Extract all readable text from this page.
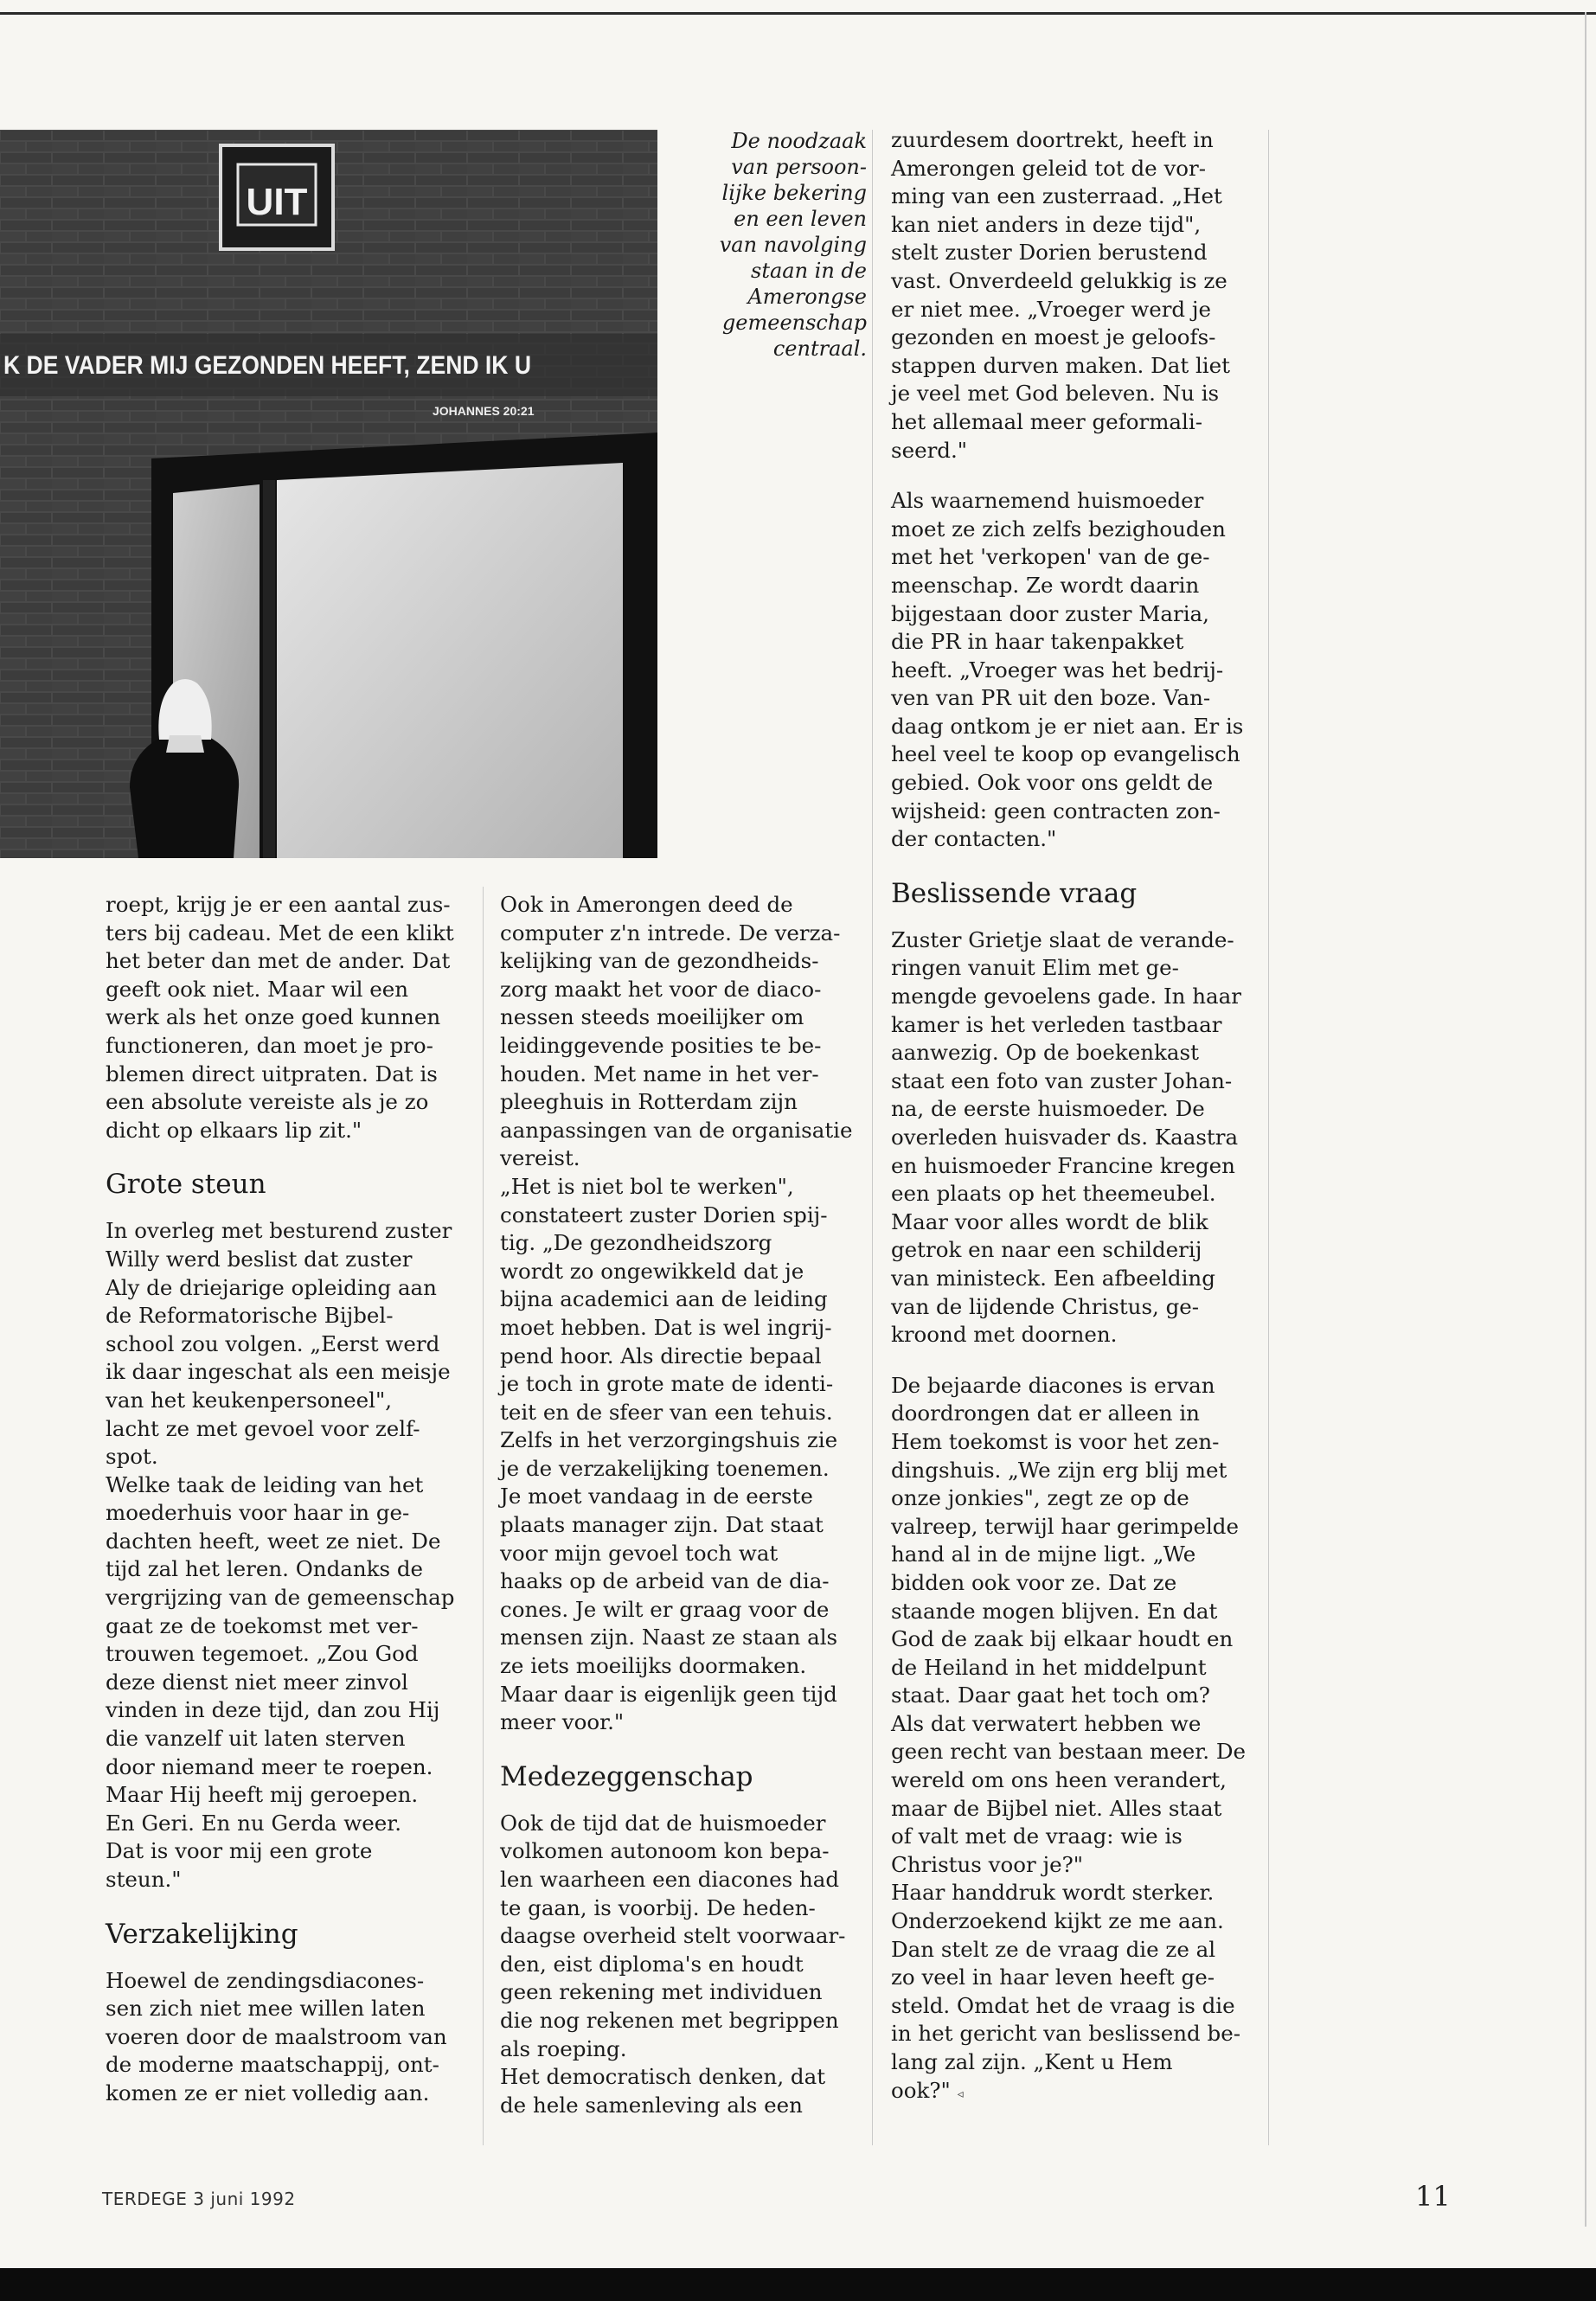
UIT
K DE VADER MIJ GEZONDEN HEEFT, ZEND IK U
JOHANNES 20:21
De noodzaak
van persoon-
lijke bekering
en een leven
van navolging
staan in de
Amerongse
gemeenschap
centraal.

roept, krijg je er een aantal zus-
ters bij cadeau. Met de een klikt
het beter dan met de ander. Dat
geeft ook niet. Maar wil een
werk als het onze goed kunnen
functioneren, dan moet je pro-
blemen direct uitpraten. Dat is
een absolute vereiste als je zo
dicht op elkaars lip zit."

Grote steun

In overleg met besturend zuster
Willy werd beslist dat zuster
Aly de driejarige opleiding aan
de Reformatorische Bijbel-
school zou volgen. „Eerst werd
ik daar ingeschat als een meisje
van het keukenpersoneel",
lacht ze met gevoel voor zelf-
spot.

Welke taak de leiding van het
moederhuis voor haar in ge-
dachten heeft, weet ze niet. De
tijd zal het leren. Ondanks de
vergrijzing van de gemeenschap
gaat ze de toekomst met ver-
trouwen tegemoet. „Zou God
deze dienst niet meer zinvol
vinden in deze tijd, dan zou Hij
die vanzelf uit laten sterven
door niemand meer te roepen.
Maar Hij heeft mij geroepen.
En Geri. En nu Gerda weer.
Dat is voor mij een grote
steun."

Verzakelijking

Hoewel de zendingsdiacones-
sen zich niet mee willen laten
voeren door de maalstroom van
de moderne maatschappij, ont-
komen ze er niet volledig aan.

Ook in Amerongen deed de
computer z'n intrede. De verza-
kelijking van de gezondheids-
zorg maakt het voor de diaco-
nessen steeds moeilijker om
leidinggevende posities te be-
houden. Met name in het ver-
pleeghuis in Rotterdam zijn
aanpassingen van de organisatie
vereist.

„Het is niet bol te werken",
constateert zuster Dorien spij-
tig. „De gezondheidszorg
wordt zo ongewikkeld dat je
bijna academici aan de leiding
moet hebben. Dat is wel ingrij-
pend hoor. Als directie bepaal
je toch in grote mate de identi-
teit en de sfeer van een tehuis.
Zelfs in het verzorgingshuis zie
je de verzakelijking toenemen.
Je moet vandaag in de eerste
plaats manager zijn. Dat staat
voor mijn gevoel toch wat
haaks op de arbeid van de dia-
cones. Je wilt er graag voor de
mensen zijn. Naast ze staan als
ze iets moeilijks doormaken.
Maar daar is eigenlijk geen tijd
meer voor."

Medezeggenschap

Ook de tijd dat de huismoeder
volkomen autonoom kon bepa-
len waarheen een diacones had
te gaan, is voorbij. De heden-
daagse overheid stelt voorwaar-
den, eist diploma's en houdt
geen rekening met individuen
die nog rekenen met begrippen
als roeping.

Het democratisch denken, dat
de hele samenleving als een

zuurdesem doortrekt, heeft in
Amerongen geleid tot de vor-
ming van een zusterraad. „Het
kan niet anders in deze tijd",
stelt zuster Dorien berustend
vast. Onverdeeld gelukkig is ze
er niet mee. „Vroeger werd je
gezonden en moest je geloofs-
stappen durven maken. Dat liet
je veel met God beleven. Nu is
het allemaal meer geformali-
seerd."

Als waarnemend huismoeder
moet ze zich zelfs bezighouden
met het 'verkopen' van de ge-
meenschap. Ze wordt daarin
bijgestaan door zuster Maria,
die PR in haar takenpakket
heeft. „Vroeger was het bedrij-
ven van PR uit den boze. Van-
daag ontkom je er niet aan. Er is
heel veel te koop op evangelisch
gebied. Ook voor ons geldt de
wijsheid: geen contracten zon-
der contacten."

Beslissende vraag

Zuster Grietje slaat de verande-
ringen vanuit Elim met ge-
mengde gevoelens gade. In haar
kamer is het verleden tastbaar
aanwezig. Op de boekenkast
staat een foto van zuster Johan-
na, de eerste huismoeder. De
overleden huisvader ds. Kaastra
en huismoeder Francine kregen
een plaats op het theemeubel.
Maar voor alles wordt de blik
getrok en naar een schilderij
van ministeck. Een afbeelding
van de lijdende Christus, ge-
kroond met doornen.

De bejaarde diacones is ervan
doordrongen dat er alleen in
Hem toekomst is voor het zen-
dingshuis. „We zijn erg blij met
onze jonkies", zegt ze op de
valreep, terwijl haar gerimpelde
hand al in de mijne ligt. „We
bidden ook voor ze. Dat ze
staande mogen blijven. En dat
God de zaak bij elkaar houdt en
de Heiland in het middelpunt
staat. Daar gaat het toch om?
Als dat verwatert hebben we
geen recht van bestaan meer. De
wereld om ons heen verandert,
maar de Bijbel niet. Alles staat
of valt met de vraag: wie is
Christus voor je?"

Haar handdruk wordt sterker.
Onderzoekend kijkt ze me aan.
Dan stelt ze de vraag die ze al
zo veel in haar leven heeft ge-
steld. Omdat het de vraag is die
in het gericht van beslissend be-
lang zal zijn. „Kent u Hem
ook?" ◃

TERDEGE 3 juni 1992	11
